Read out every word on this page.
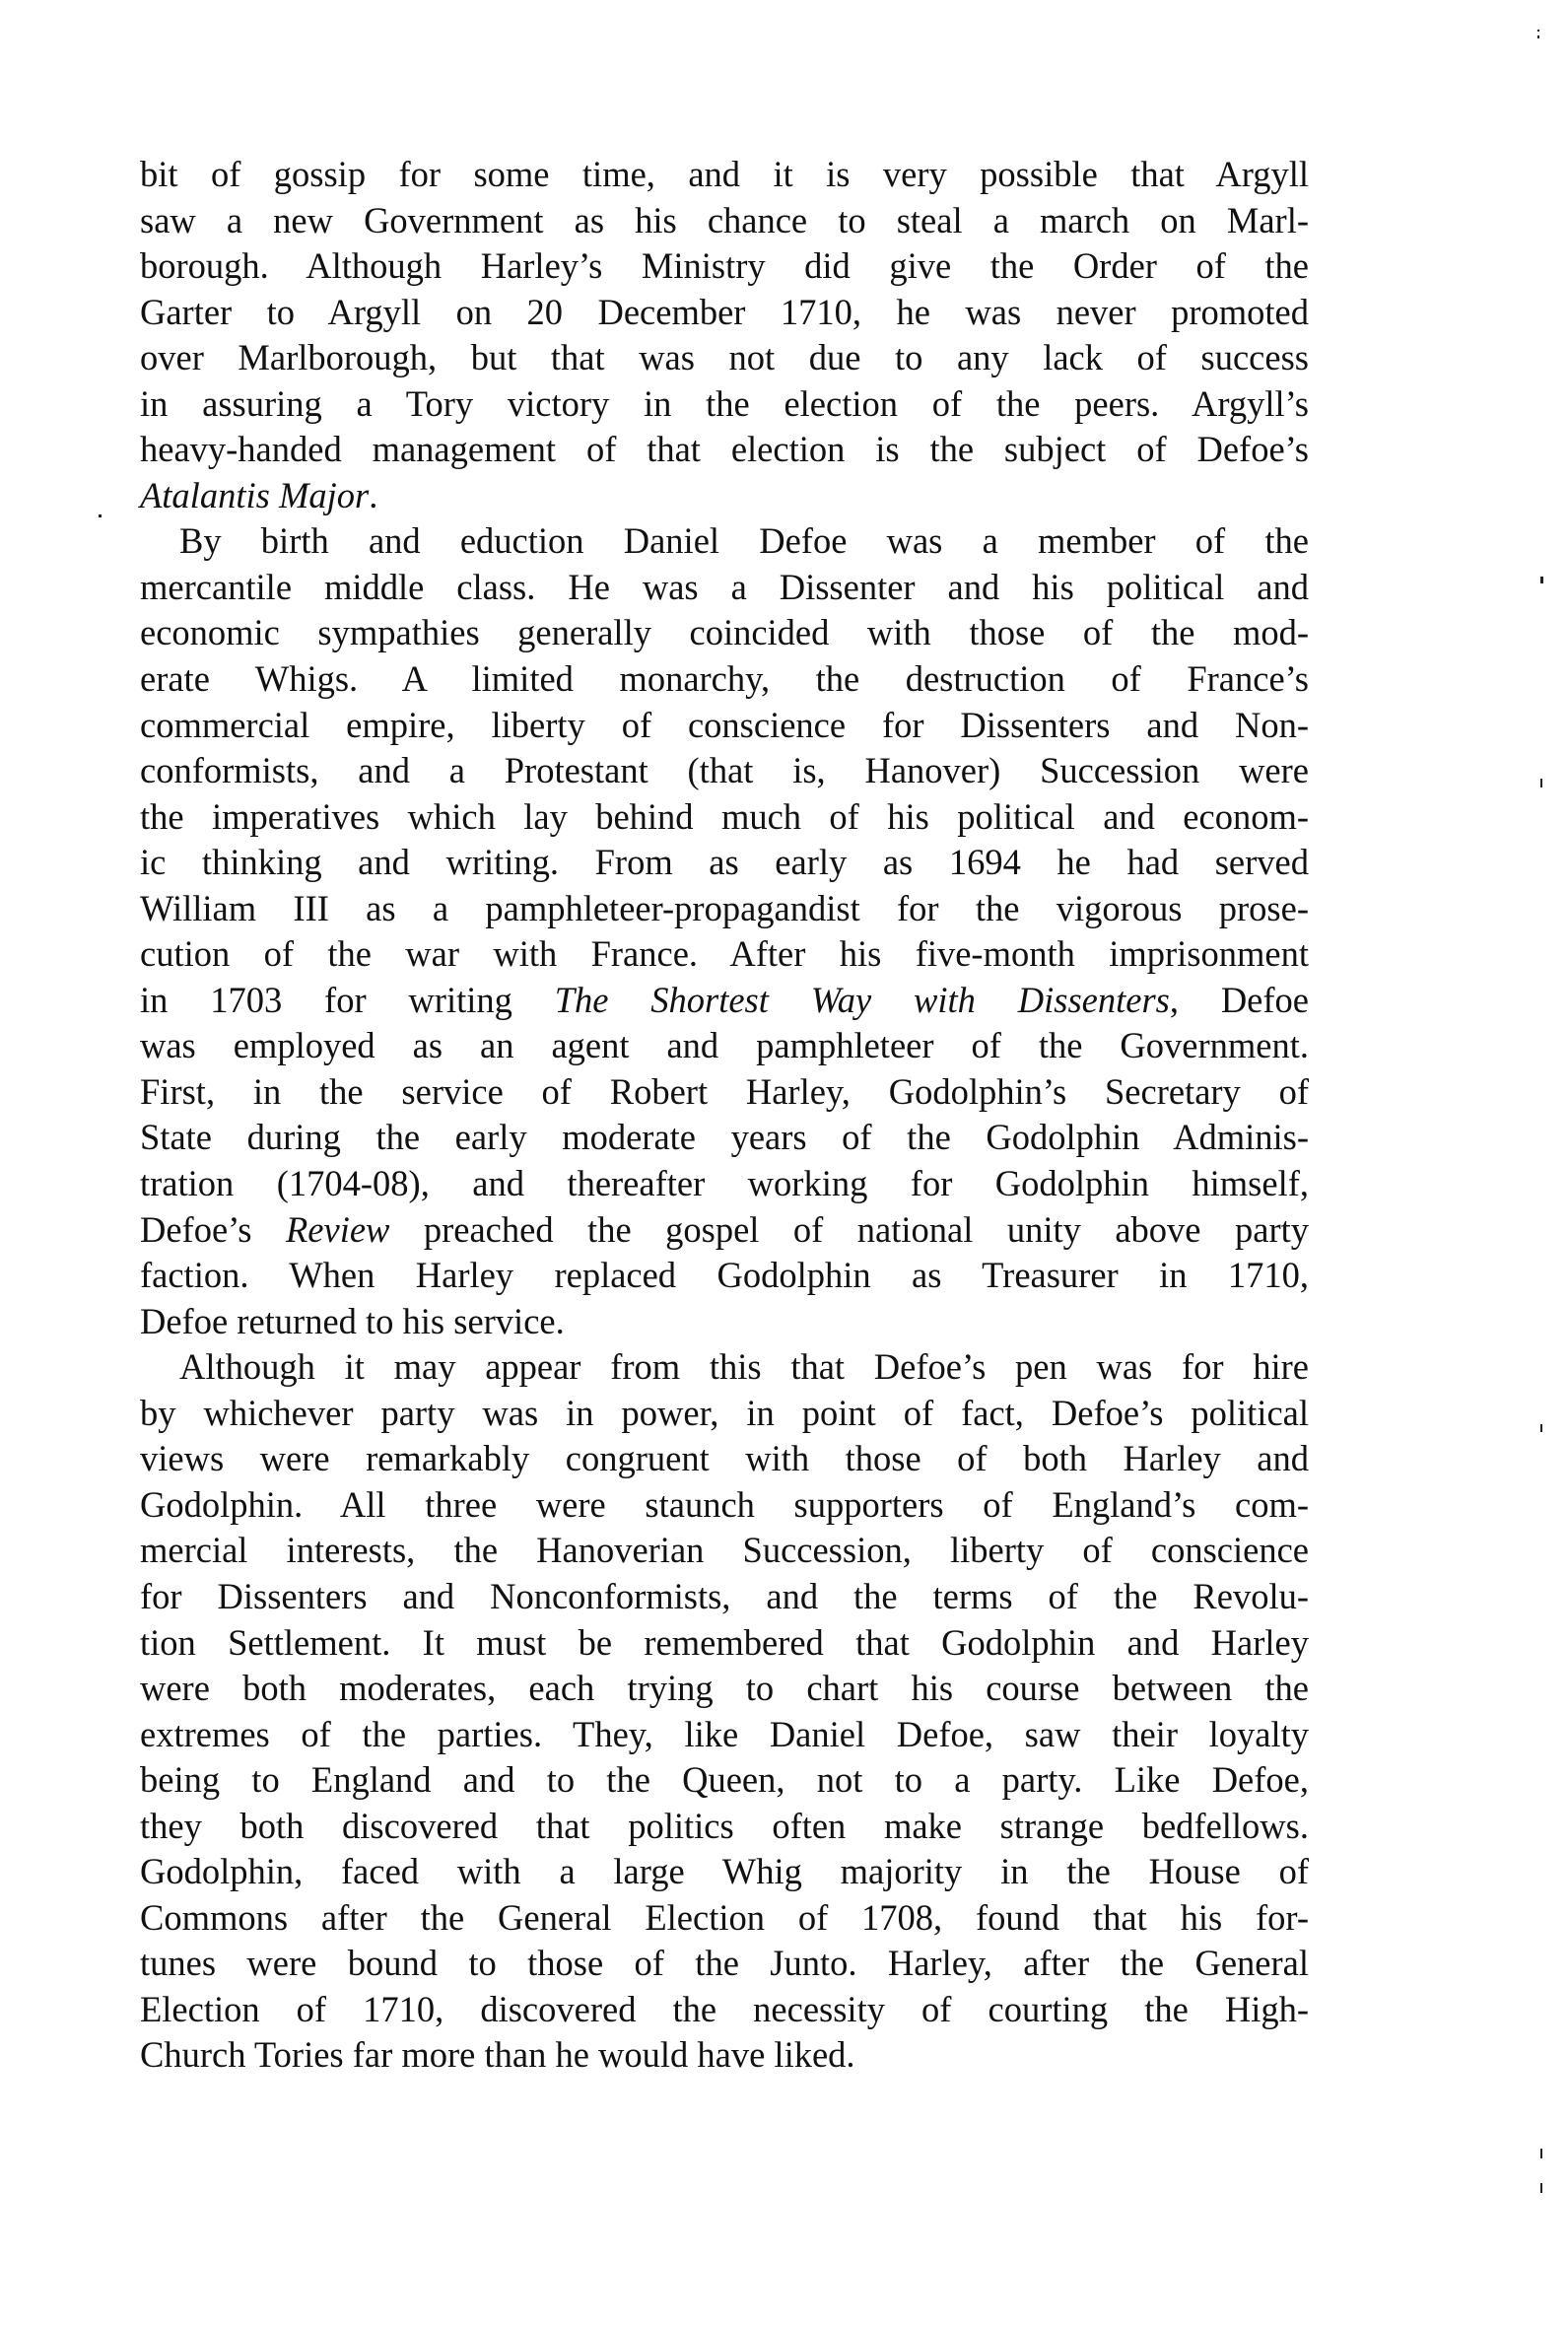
bit of gossip for some time, and it is very possible that Argyll
saw a new Government as his chance to steal a march on Marl-
borough. Although Harley’s Ministry did give the Order of the
Garter to Argyll on 20 December 1710, he was never promoted
over Marlborough, but that was not due to any lack of success
in assuring a Tory victory in the election of the peers. Argyll’s
heavy-handed management of that election is the subject of Defoe’s
Atalantis Major.
By birth and eduction Daniel Defoe was a member of the
mercantile middle class. He was a Dissenter and his political and
economic sympathies generally coincided with those of the mod-
erate Whigs. A limited monarchy, the destruction of France’s
commercial empire, liberty of conscience for Dissenters and Non-
conformists, and a Protestant (that is, Hanover) Succession were
the imperatives which lay behind much of his political and econom-
ic thinking and writing. From as early as 1694 he had served
William III as a pamphleteer-propagandist for the vigorous prose-
cution of the war with France. After his five-month imprisonment
in 1703 for writing The Shortest Way with Dissenters, Defoe
was employed as an agent and pamphleteer of the Government.
First, in the service of Robert Harley, Godolphin’s Secretary of
State during the early moderate years of the Godolphin Adminis-
tration (1704-08), and thereafter working for Godolphin himself,
Defoe’s Review preached the gospel of national unity above party
faction. When Harley replaced Godolphin as Treasurer in 1710,
Defoe returned to his service.
Although it may appear from this that Defoe’s pen was for hire
by whichever party was in power, in point of fact, Defoe’s political
views were remarkably congruent with those of both Harley and
Godolphin. All three were staunch supporters of England’s com-
mercial interests, the Hanoverian Succession, liberty of conscience
for Dissenters and Nonconformists, and the terms of the Revolu-
tion Settlement. It must be remembered that Godolphin and Harley
were both moderates, each trying to chart his course between the
extremes of the parties. They, like Daniel Defoe, saw their loyalty
being to England and to the Queen, not to a party. Like Defoe,
they both discovered that politics often make strange bedfellows.
Godolphin, faced with a large Whig majority in the House of
Commons after the General Election of 1708, found that his for-
tunes were bound to those of the Junto. Harley, after the General
Election of 1710, discovered the necessity of courting the High-
Church Tories far more than he would have liked.
